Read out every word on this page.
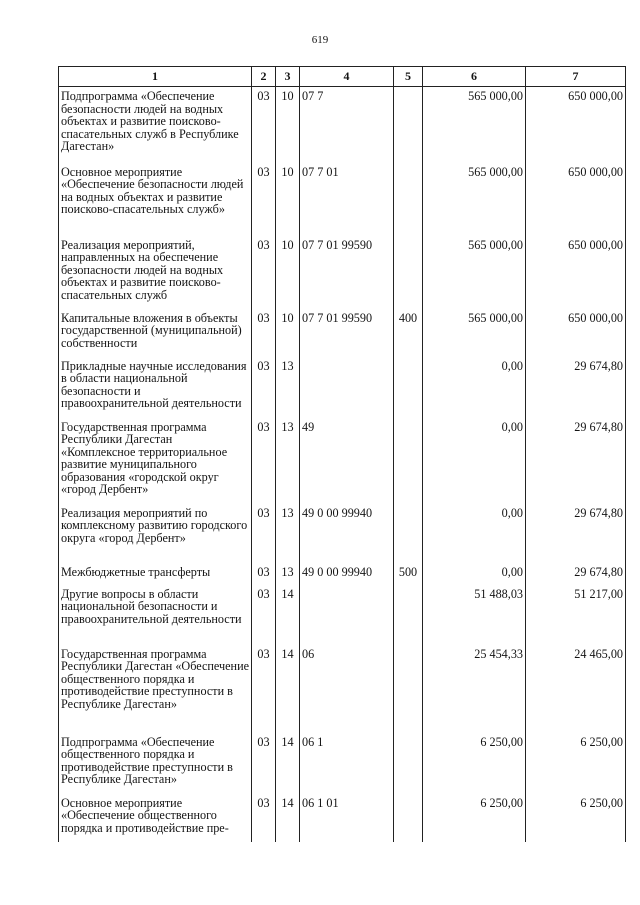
619
1	2	3	4	5	6	7
Подпрограмма «Обеспечение безопасности людей на водных объектах и развитие поисково-спасательных служб в Республике Дагестан»	03	10	07 7		565 000,00	650 000,00
Основное мероприятие «Обеспечение безопасности людей на водных объектах и развитие поисково-спасательных служб»	03	10	07 7 01		565 000,00	650 000,00
Реализация мероприятий, направленных на обеспечение безопасности людей на водных объектах и развитие поисково-спасательных служб	03	10	07 7 01 99590		565 000,00	650 000,00
Капитальные вложения в объекты государственной (муниципальной) собственности	03	10	07 7 01 99590	400	565 000,00	650 000,00
Прикладные научные исследования в области национальной безопасности и правоохранительной деятельности	03	13			0,00	29 674,80
Государственная программа Республики Дагестан «Комплексное территориальное развитие муниципального образования «городской округ «город Дербент»	03	13	49		0,00	29 674,80
Реализация мероприятий по комплексному развитию городского округа «город Дербент»	03	13	49 0 00 99940		0,00	29 674,80
Межбюджетные трансферты	03	13	49 0 00 99940	500	0,00	29 674,80
Другие вопросы в области национальной безопасности и правоохранительной деятельности	03	14			51 488,03	51 217,00
Государственная программа Республики Дагестан «Обеспечение общественного порядка и противодействие преступности в Республике Дагестан»	03	14	06		25 454,33	24 465,00
Подпрограмма «Обеспечение общественного порядка и противодействие преступности в Республике Дагестан»	03	14	06 1		6 250,00	6 250,00
Основное мероприятие «Обеспечение общественного порядка и противодействие пре-	03	14	06 1 01		6 250,00	6 250,00
